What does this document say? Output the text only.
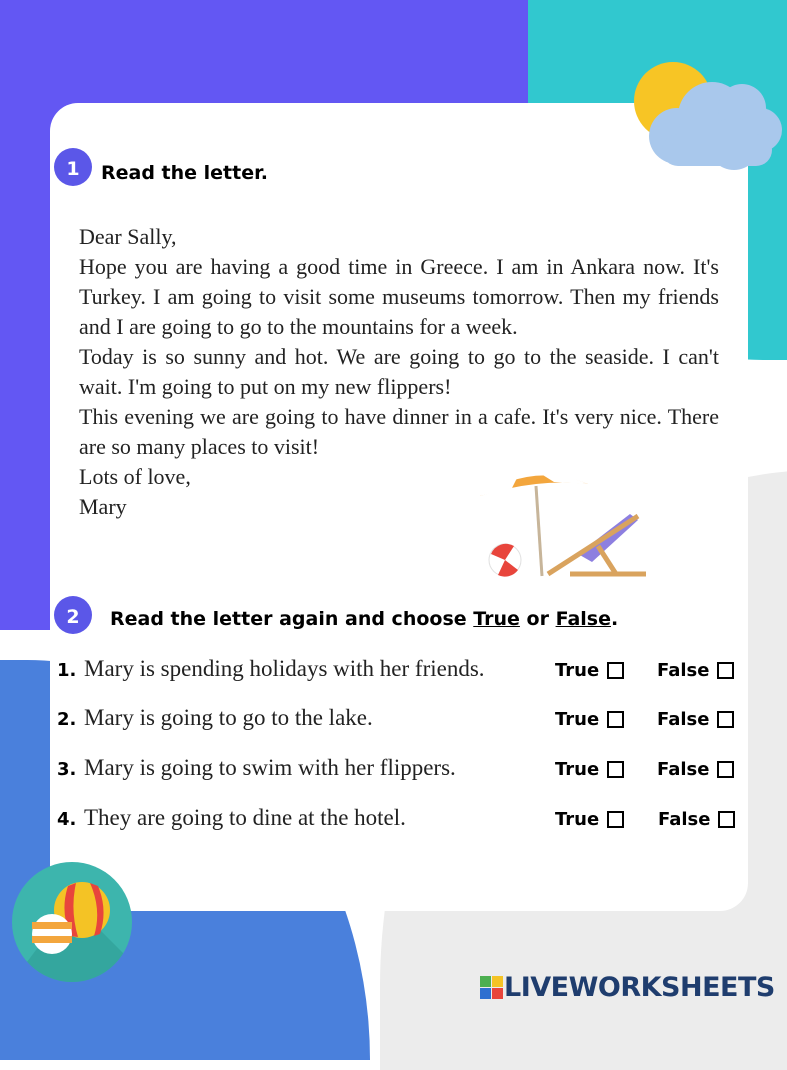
1	Read the letter.

Dear Sally,

Hope you are having a good time in Greece. I am in Ankara now. It's Turkey. I am going to visit some museums tomorrow. Then my friends and I are going to go to the mountains for a week.

Today is so sunny and hot. We are going to go to the seaside. I can't wait. I'm going to put on my new flippers!

This evening we are going to have dinner in a cafe. It's very nice. There are so many places to visit!

Lots of love,

Mary

2	Read the letter again and choose True or False.
1. Mary is spending holidays with her friends.	True	False
2. Mary is going to go to the lake.	True	False
3. Mary is going to swim with her flippers.	True	False
4. They are going to dine at the hotel.	True	False
LIVEWORKSHEETS
